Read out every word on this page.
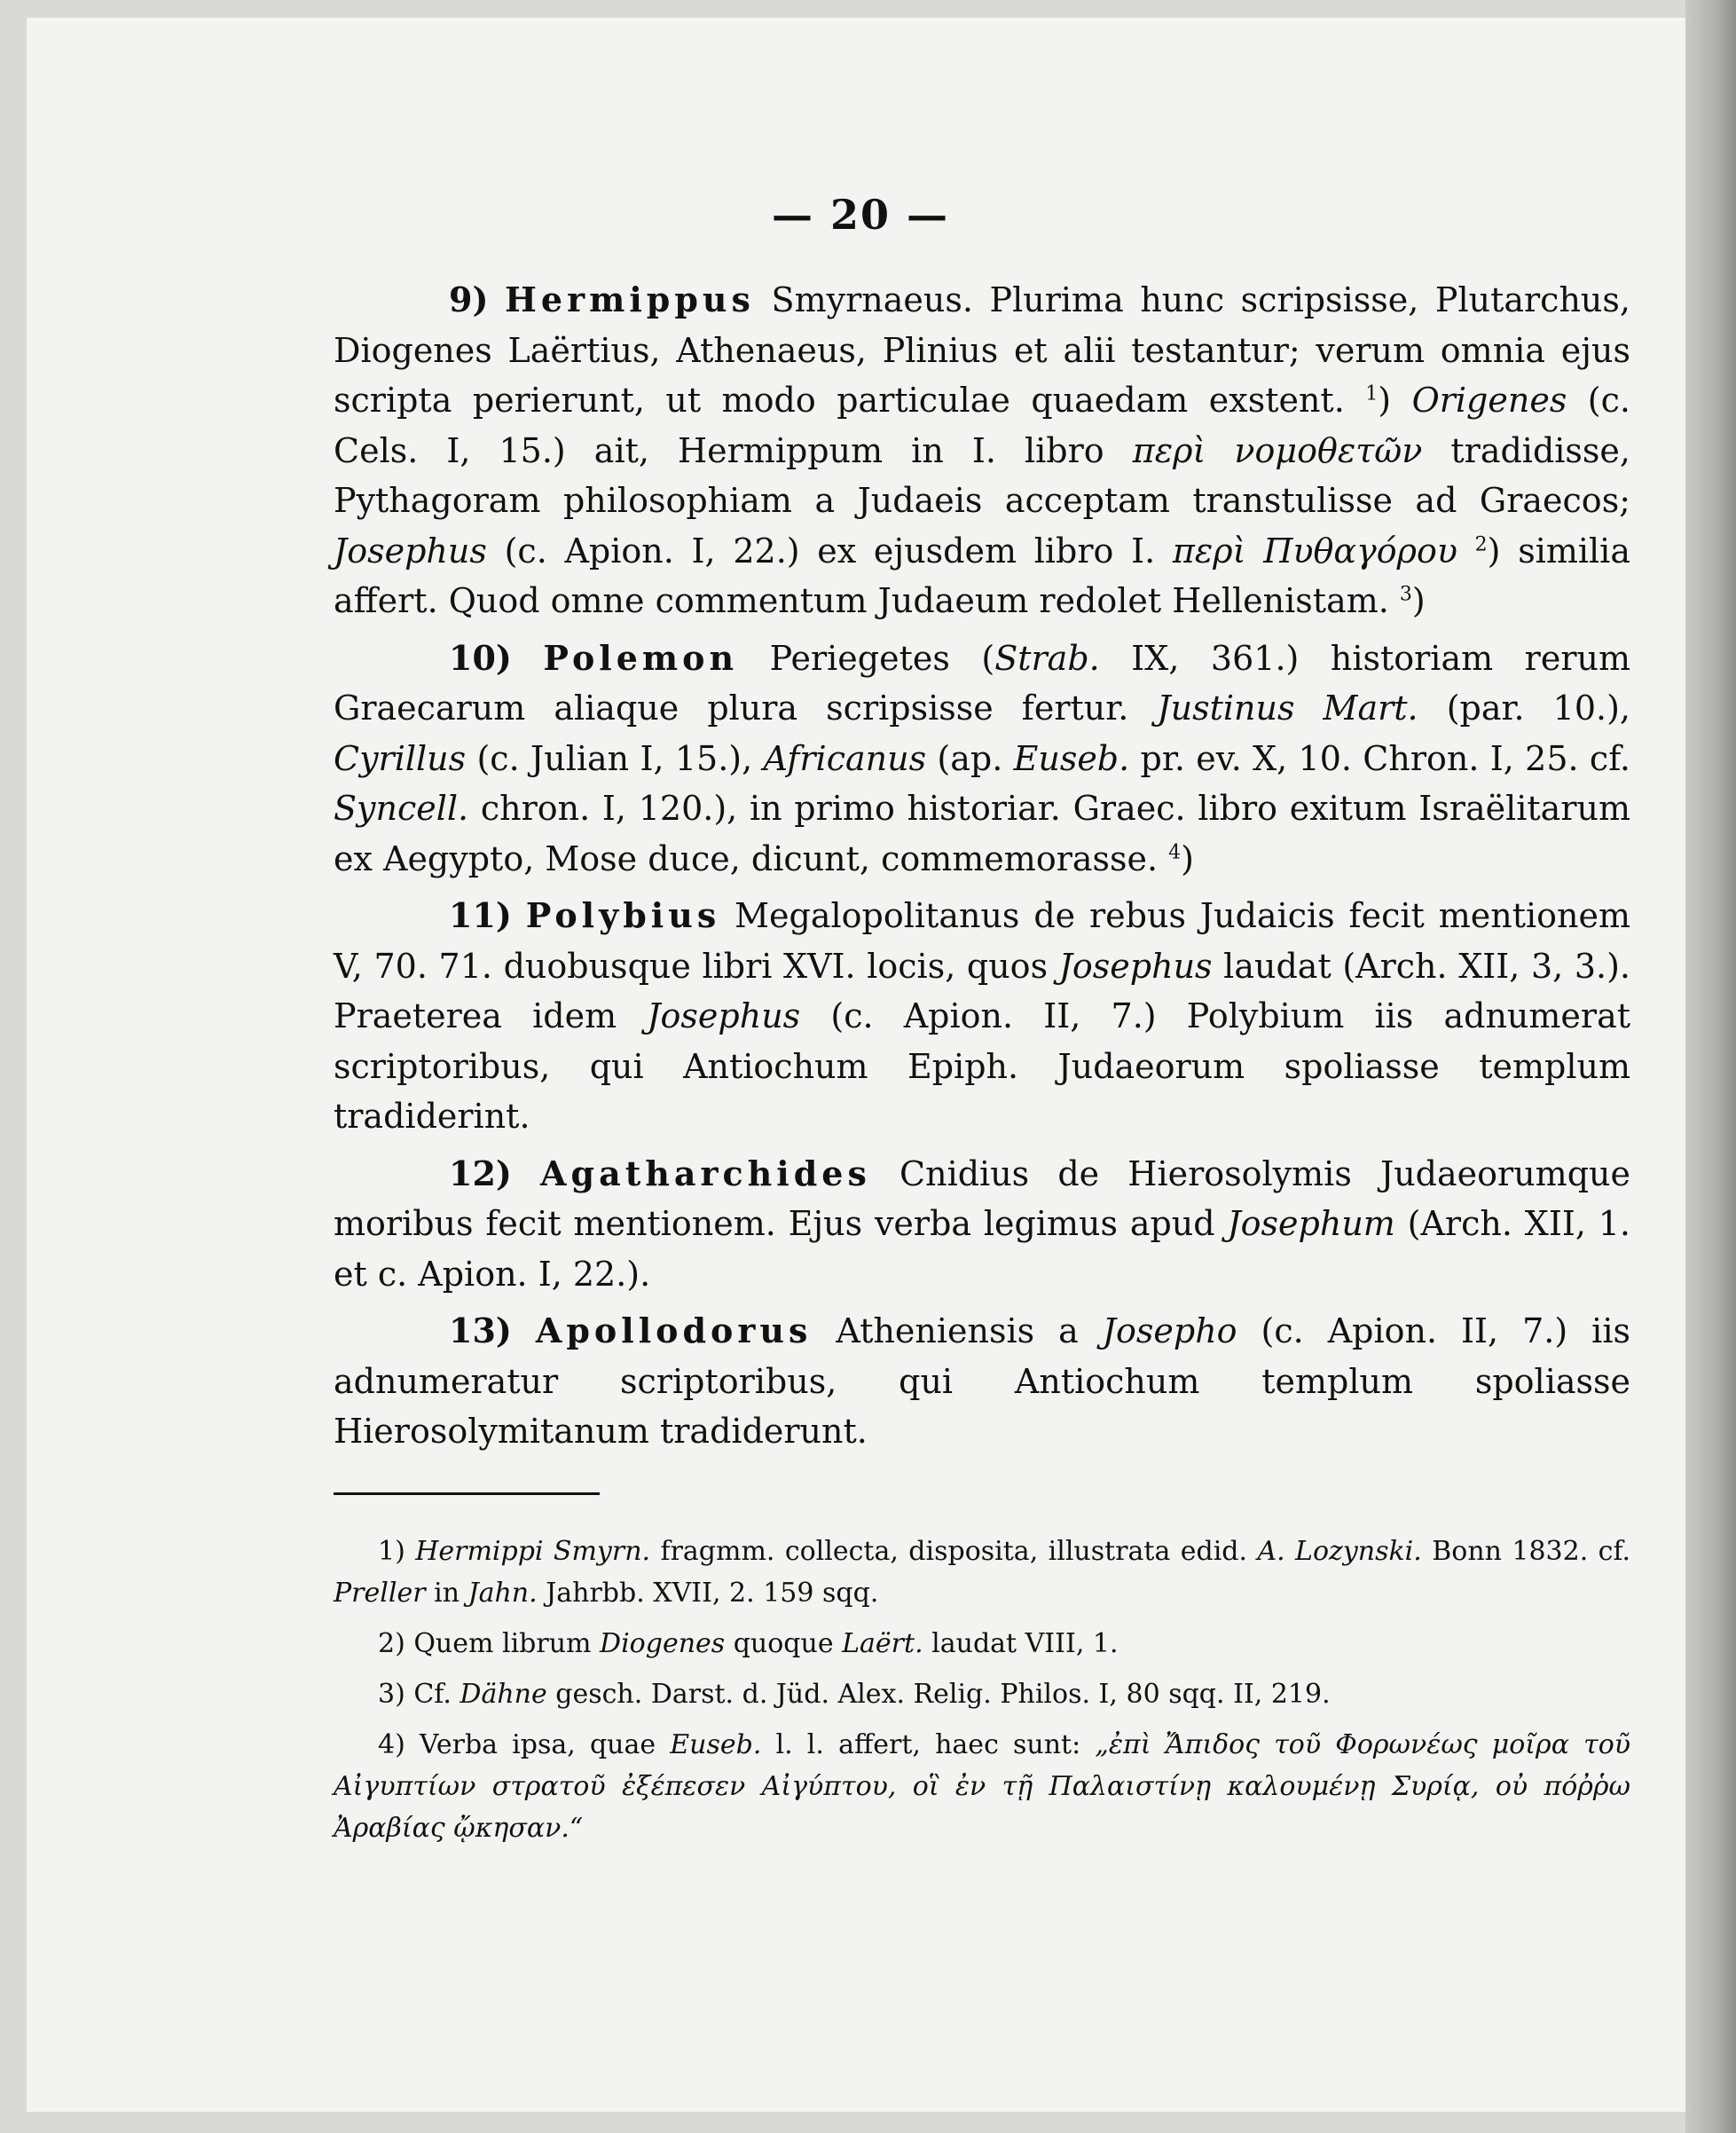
— 20 —

9) Hermippus Smyrnaeus. Plurima hunc scripsisse, Plutarchus, Diogenes Laërtius, Athenaeus, Plinius et alii testantur; verum omnia ejus scripta perierunt, ut modo particulae quaedam exstent. $^1$) Origenes (c. Cels. I, 15.) ait, Hermippum in I. libro περὶ νομοθετῶν tradidisse, Pythagoram philosophiam a Judaeis acceptam transtulisse ad Graecos; Josephus (c. Apion. I, 22.) ex ejusdem libro I. περὶ Πυθαγόρου $^2$) similia affert. Quod omne commentum Judaeum redolet Hellenistam. $^3$)

10) Polemon Periegetes (Strab. IX, 361.) historiam rerum Graecarum aliaque plura scripsisse fertur. Justinus Mart. (par. 10.), Cyrillus (c. Julian I, 15.), Africanus (ap. Euseb. pr. ev. X, 10. Chron. I, 25. cf. Syncell. chron. I, 120.), in primo historiar. Graec. libro exitum Israëlitarum ex Aegypto, Mose duce, dicunt, commemorasse. $^4$)

11) Polybius Megalopolitanus de rebus Judaicis fecit mentionem V, 70. 71. duobusque libri XVI. locis, quos Josephus laudat (Arch. XII, 3, 3.). Praeterea idem Josephus (c. Apion. II, 7.) Polybium iis adnumerat scriptoribus, qui Antiochum Epiph. Judaeorum spoliasse templum tradiderint.

12) Agatharchides Cnidius de Hierosolymis Judaeorumque moribus fecit mentionem. Ejus verba legimus apud Josephum (Arch. XII, 1. et c. Apion. I, 22.).

13) Apollodorus Atheniensis a Josepho (c. Apion. II, 7.) iis adnumeratur scriptoribus, qui Antiochum templum spoliasse Hierosolymitanum tradiderunt.

1) Hermippi Smyrn. fragmm. collecta, disposita, illustrata edid. A. Lozynski. Bonn 1832. cf. Preller in Jahn. Jahrbb. XVII, 2. 159 sqq.

2) Quem librum Diogenes quoque Laërt. laudat VIII, 1.

3) Cf. Dähne gesch. Darst. d. Jüd. Alex. Relig. Philos. I, 80 sqq. II, 219.

4) Verba ipsa, quae Euseb. l. l. affert, haec sunt: „ἐπὶ Ἄπιδος τοῦ Φορωνέως μοῖρα τοῦ Αἰγυπτίων στρατοῦ ἐξέπεσεν Αἰγύπτου, οἳ ἐν τῇ Παλαιστίνῃ καλουμένῃ Συρίᾳ, οὐ πόῤῥω Ἀραβίας ᾤκησαν.“
